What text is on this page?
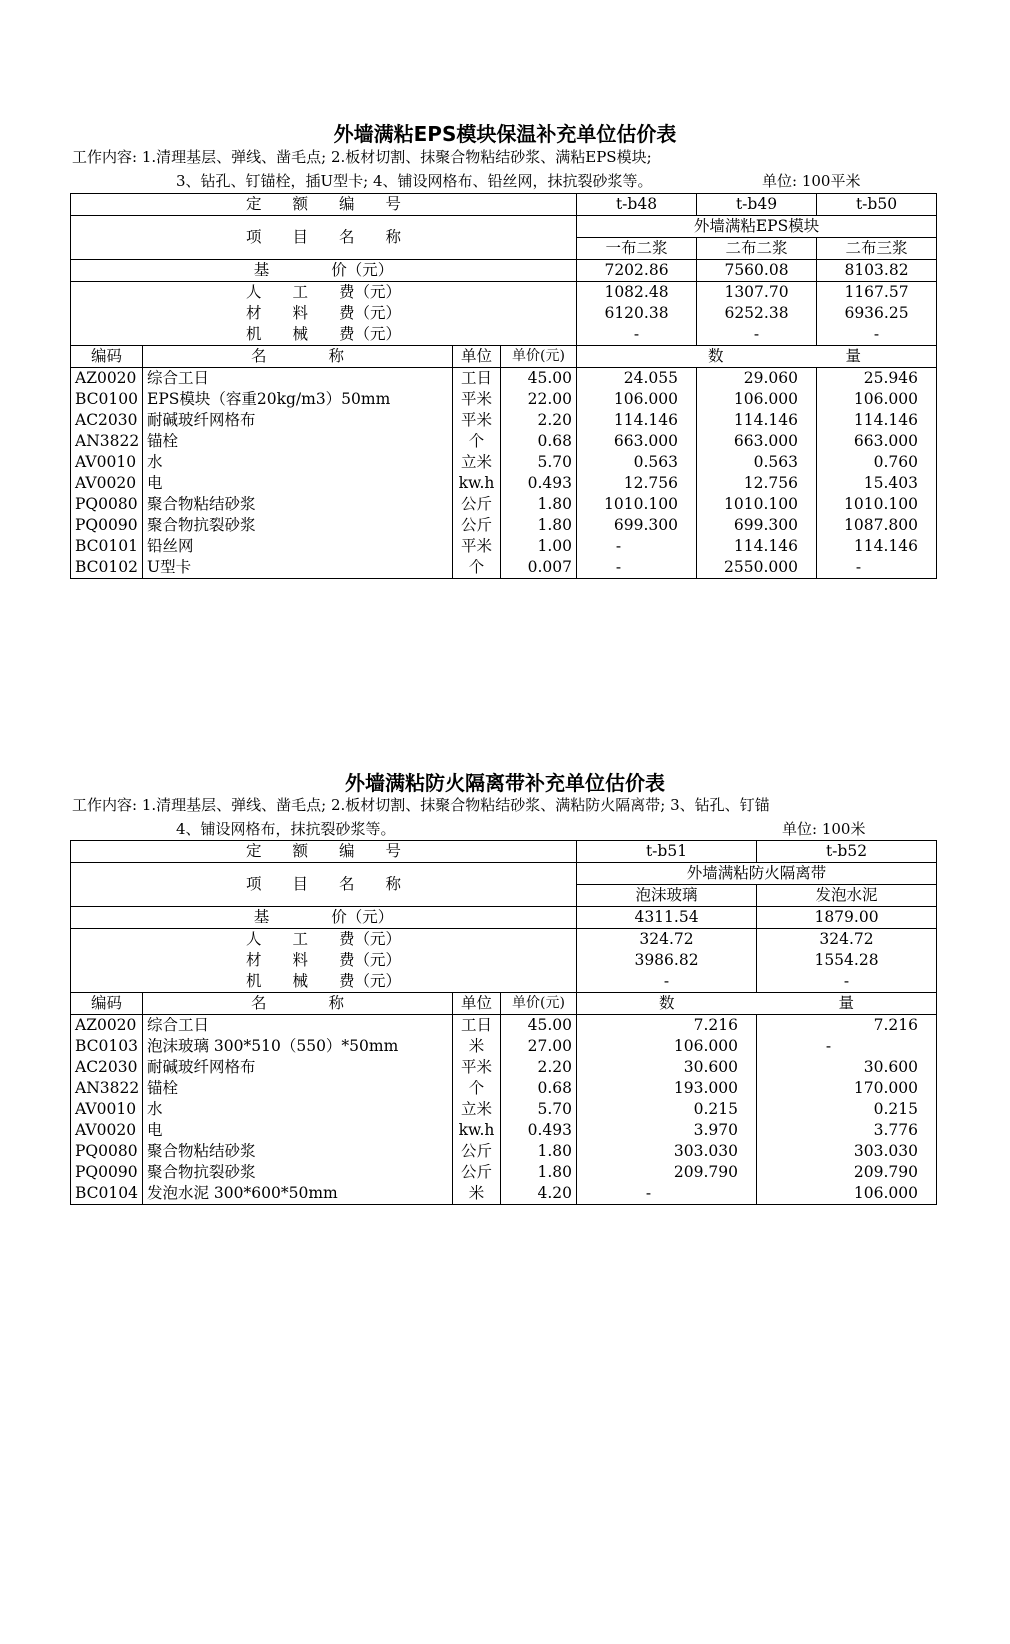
外墙满粘EPS模块保温补充单位估价表
工作内容: 1.清理基层、弹线、凿毛点; 2.板材切割、抹聚合物粘结砂浆、满粘EPS模块;
3、钻孔、钉锚栓，插U型卡; 4、铺设网格布、铅丝网，抹抗裂砂浆等。	单位: 100平米
定　　额　　编　　号				t-b48	t-b49	t-b50
项　　目　　名　　称				外墙满粘EPS模块		
				一布二浆	二布二浆	二布三浆
基　　　　价（元）				7202.86	7560.08	8103.82
人　　工　　费（元）				1082.48	1307.70	1167.57
材　　料　　费（元）				6120.38	6252.38	6936.25
机　　械　　费（元）				-	-	-
编码	名　　　　称	单位	单价(元)		数 量	
AZ0020	综合工日	工日	45.00	24.055	29.060	25.946
BC0100	EPS模块（容重20kg/m3）50mm	平米	22.00	106.000	106.000	106.000
AC2030	耐碱玻纤网格布	平米	2.20	114.146	114.146	114.146
AN3822	锚栓	个	0.68	663.000	663.000	663.000
AV0010	水	立米	5.70	0.563	0.563	0.760
AV0020	电	kw.h	0.493	12.756	12.756	15.403
PQ0080	聚合物粘结砂浆	公斤	1.80	1010.100	1010.100	1010.100
PQ0090	聚合物抗裂砂浆	公斤	1.80	699.300	699.300	1087.800
BC0101	铅丝网	平米	1.00	-	114.146	114.146
BC0102	U型卡	个	0.007	-	2550.000	-
外墙满粘防火隔离带补充单位估价表
工作内容: 1.清理基层、弹线、凿毛点; 2.板材切割、抹聚合物粘结砂浆、满粘防火隔离带; 3、钻孔、钉锚
4、铺设网格布，抹抗裂砂浆等。	单位: 100米
定　　额　　编　　号				t-b51	t-b52
项　　目　　名　　称				外墙满粘防火隔离带	
				泡沫玻璃	发泡水泥
基　　　　价（元）				4311.54	1879.00
人　　工　　费（元）				324.72	324.72
材　　料　　费（元）				3986.82	1554.28
机　　械　　费（元）				-	-
编码	名　　　　称	单位	单价(元)	数	量
AZ0020	综合工日	工日	45.00	7.216	7.216
BC0103	泡沫玻璃 300*510（550）*50mm	米	27.00	106.000	-
AC2030	耐碱玻纤网格布	平米	2.20	30.600	30.600
AN3822	锚栓	个	0.68	193.000	170.000
AV0010	水	立米	5.70	0.215	0.215
AV0020	电	kw.h	0.493	3.970	3.776
PQ0080	聚合物粘结砂浆	公斤	1.80	303.030	303.030
PQ0090	聚合物抗裂砂浆	公斤	1.80	209.790	209.790
BC0104	发泡水泥 300*600*50mm	米	4.20	-	106.000
